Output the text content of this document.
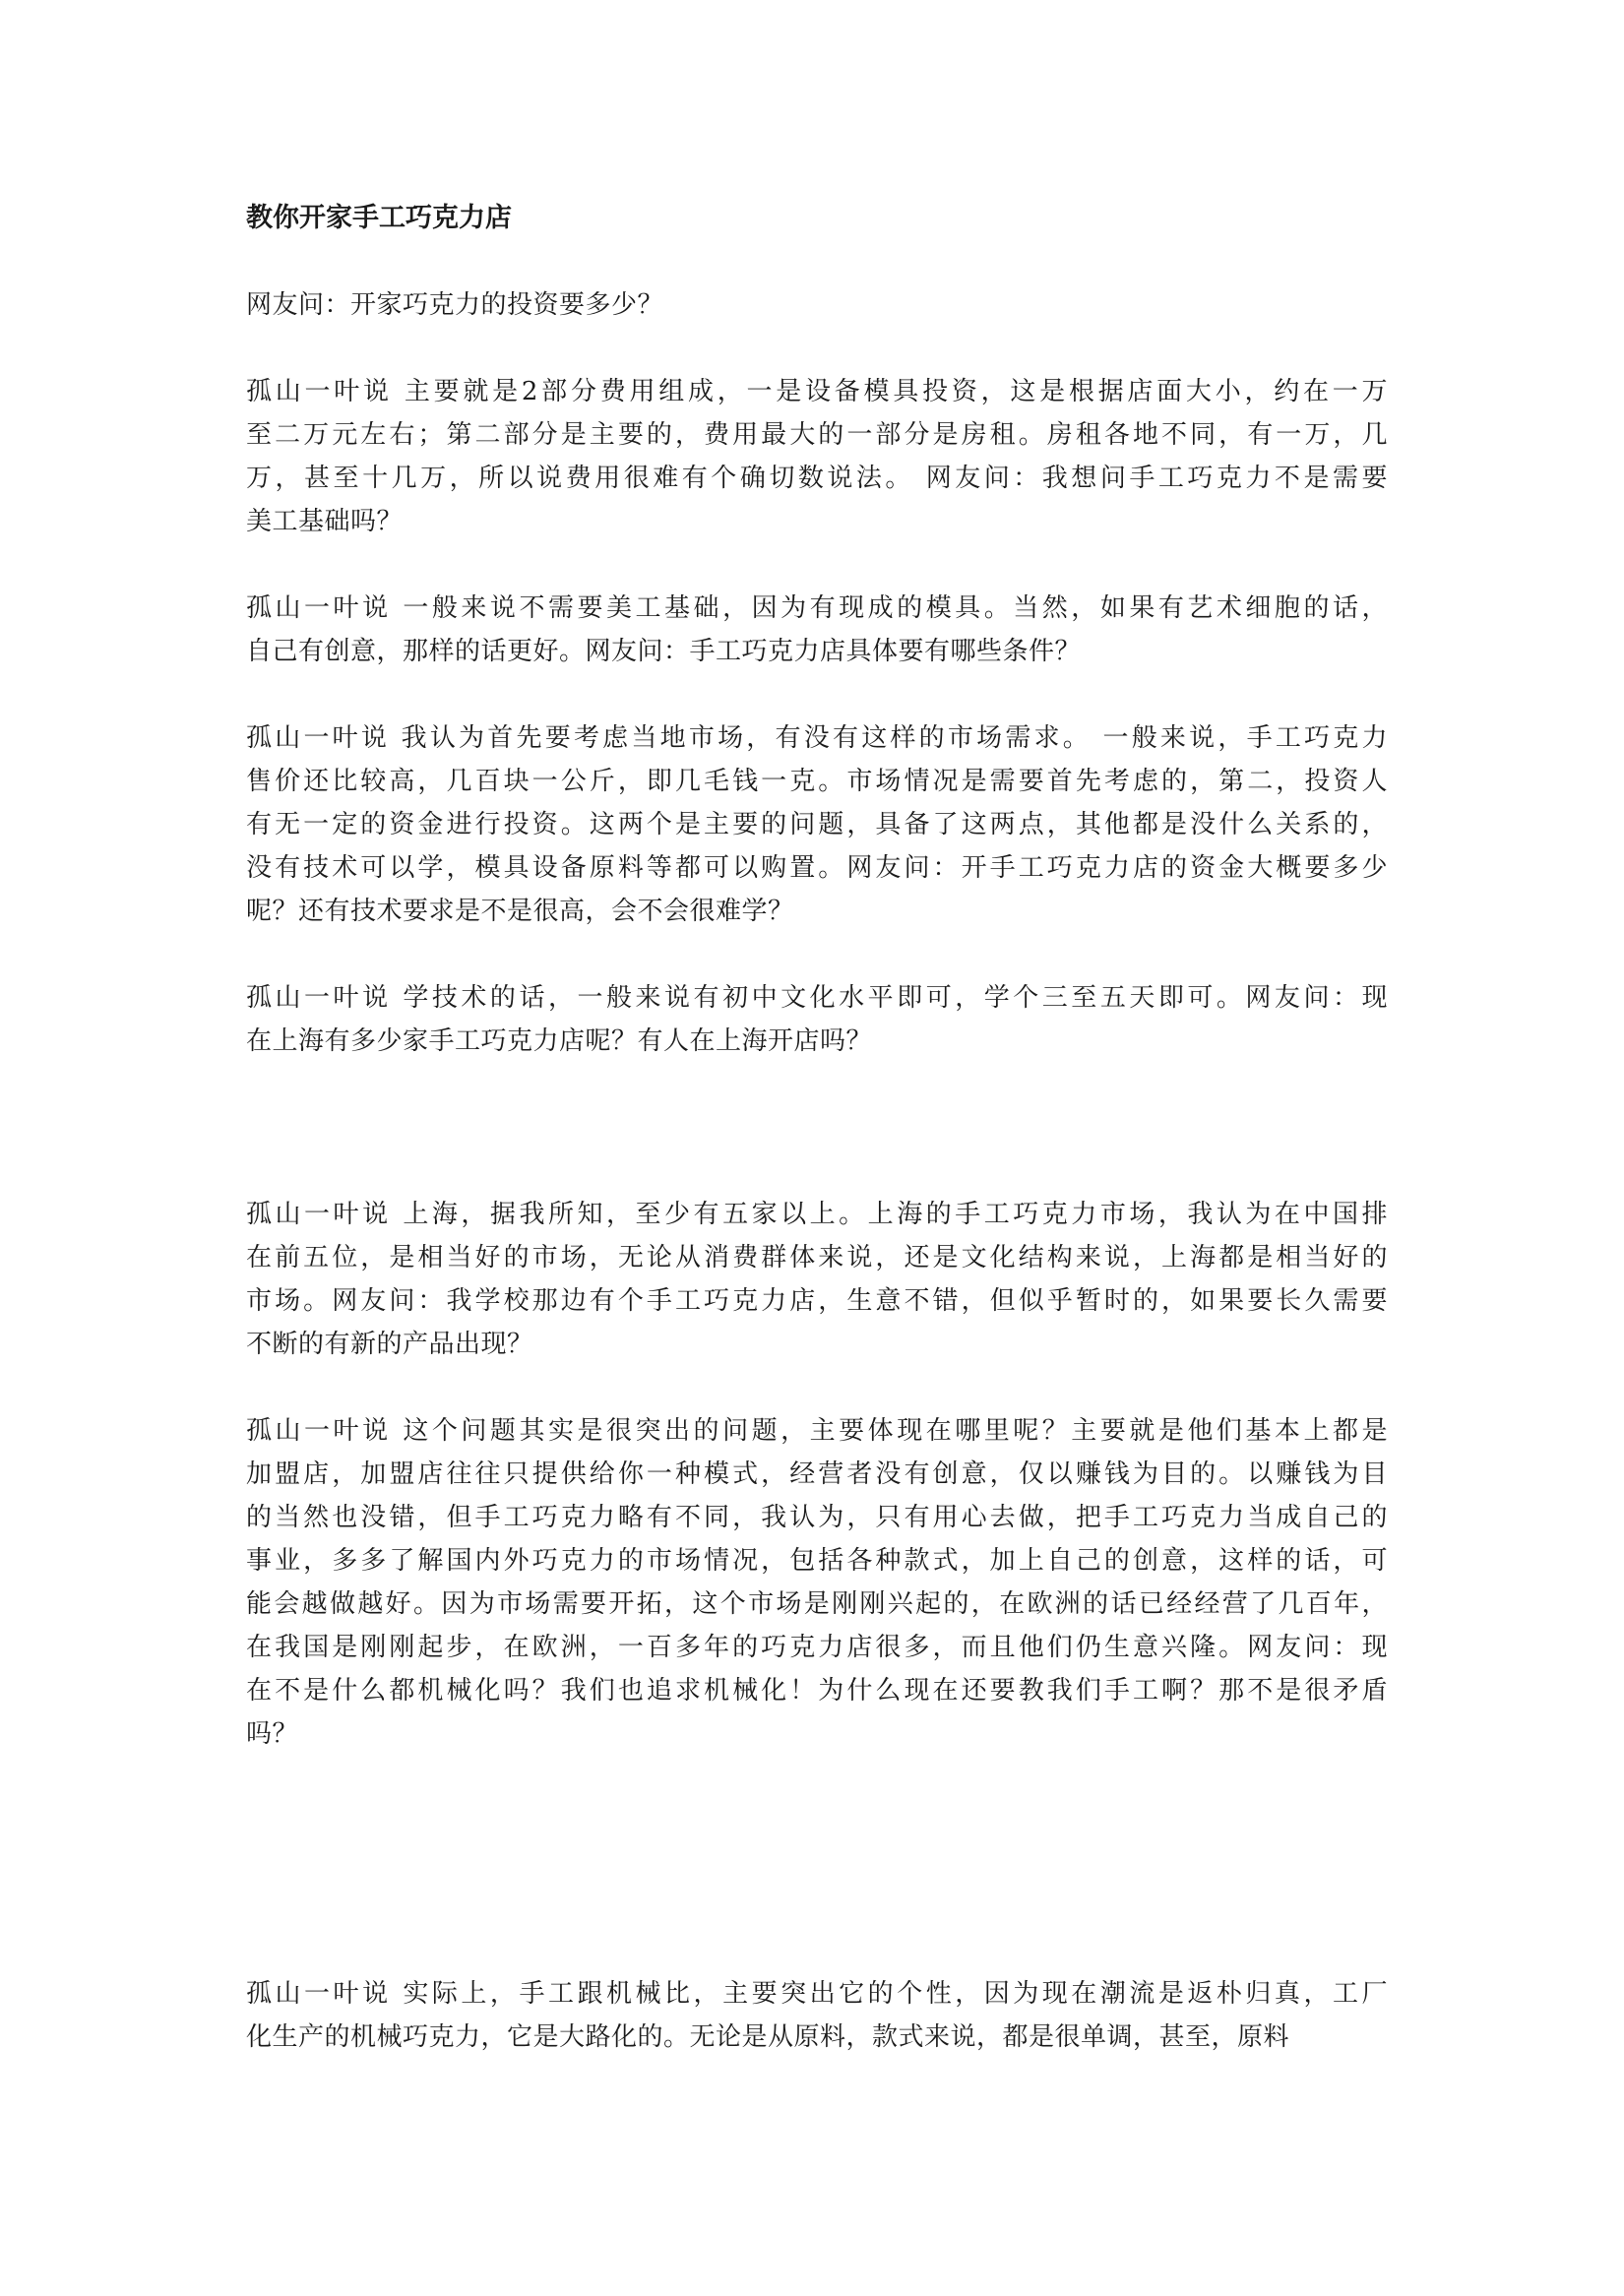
教你开家手工巧克力店
网友问：开家巧克力的投资要多少？
孤山一叶说 主要就是2部分费用组成，一是设备模具投资，这是根据店面大小，约在一万
至二万元左右；第二部分是主要的，费用最大的一部分是房租。房租各地不同，有一万，几
万，甚至十几万，所以说费用很难有个确切数说法。 网友问：我想问手工巧克力不是需要
美工基础吗？
孤山一叶说 一般来说不需要美工基础，因为有现成的模具。当然，如果有艺术细胞的话，
自己有创意，那样的话更好。网友问：手工巧克力店具体要有哪些条件？
孤山一叶说 我认为首先要考虑当地市场，有没有这样的市场需求。 一般来说，手工巧克力
售价还比较高，几百块一公斤，即几毛钱一克。市场情况是需要首先考虑的，第二，投资人
有无一定的资金进行投资。这两个是主要的问题，具备了这两点，其他都是没什么关系的，
没有技术可以学，模具设备原料等都可以购置。网友问：开手工巧克力店的资金大概要多少
呢？还有技术要求是不是很高，会不会很难学？
孤山一叶说 学技术的话，一般来说有初中文化水平即可，学个三至五天即可。网友问：现
在上海有多少家手工巧克力店呢？有人在上海开店吗？
孤山一叶说 上海，据我所知，至少有五家以上。上海的手工巧克力市场，我认为在中国排
在前五位，是相当好的市场，无论从消费群体来说，还是文化结构来说，上海都是相当好的
市场。网友问：我学校那边有个手工巧克力店，生意不错，但似乎暂时的，如果要长久需要
不断的有新的产品出现？
孤山一叶说 这个问题其实是很突出的问题，主要体现在哪里呢？主要就是他们基本上都是
加盟店，加盟店往往只提供给你一种模式，经营者没有创意，仅以赚钱为目的。以赚钱为目
的当然也没错，但手工巧克力略有不同，我认为，只有用心去做，把手工巧克力当成自己的
事业，多多了解国内外巧克力的市场情况，包括各种款式，加上自己的创意，这样的话，可
能会越做越好。因为市场需要开拓，这个市场是刚刚兴起的，在欧洲的话已经经营了几百年，
在我国是刚刚起步，在欧洲，一百多年的巧克力店很多，而且他们仍生意兴隆。网友问：现
在不是什么都机械化吗？我们也追求机械化！为什么现在还要教我们手工啊？那不是很矛盾
吗？
孤山一叶说 实际上，手工跟机械比，主要突出它的个性，因为现在潮流是返朴归真，工厂
化生产的机械巧克力，它是大路化的。无论是从原料，款式来说，都是很单调，甚至，原料
